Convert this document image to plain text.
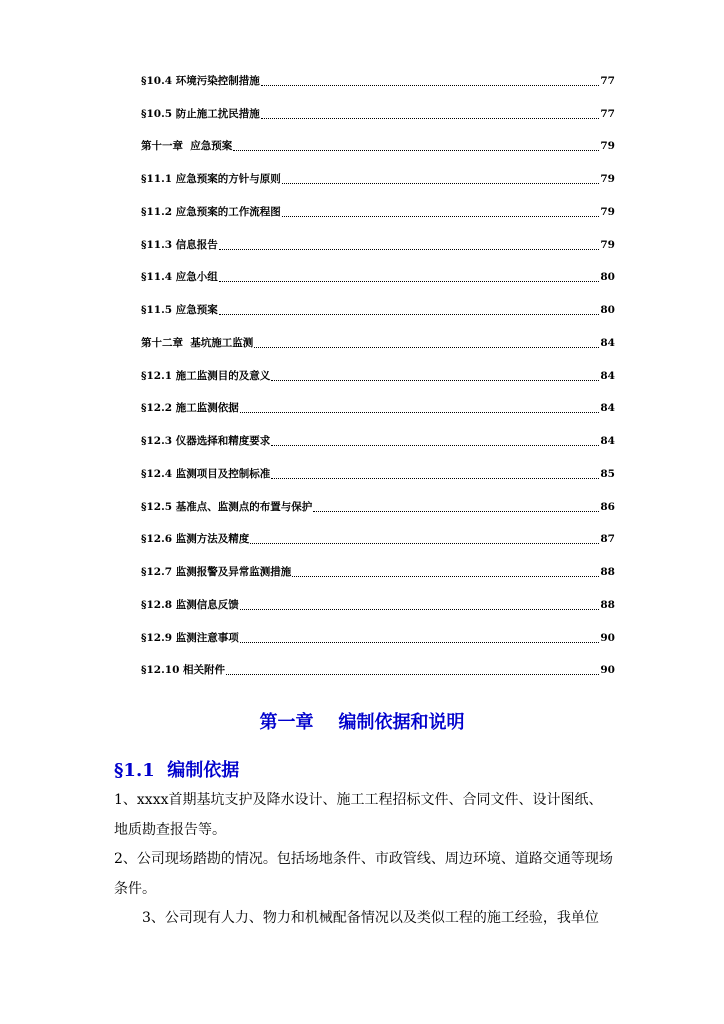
§10.4 环境污染控制措施	77
§10.5 防止施工扰民措施	77
第十一章  应急预案	79
§11.1 应急预案的方针与原则	79
§11.2 应急预案的工作流程图	79
§11.3 信息报告	79
§11.4 应急小组	80
§11.5 应急预案	80
第十二章  基坑施工监测	84
§12.1 施工监测目的及意义	84
§12.2 施工监测依据	84
§12.3 仪器选择和精度要求	84
§12.4 监测项目及控制标准	85
§12.5 基准点、监测点的布置与保护	86
§12.6 监测方法及精度	87
§12.7 监测报警及异常监测措施	88
§12.8 监测信息反馈	88
§12.9 监测注意事项	90
§12.10 相关附件	90
第一章    编制依据和说明
§1.1  编制依据

1、xxxx首期基坑支护及降水设计、施工工程招标文件、合同文件、设计图纸、地质勘查报告等。

2、公司现场踏勘的情况。包括场地条件、市政管线、周边环境、道路交通等现场条件。

3、公司现有人力、物力和机械配备情况以及类似工程的施工经验，我单位
